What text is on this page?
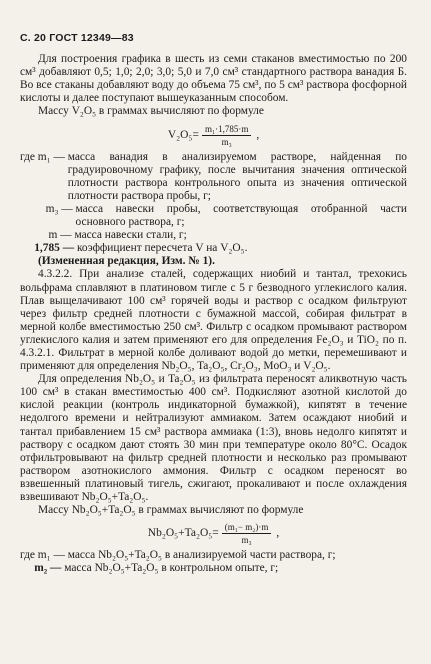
С. 20 ГОСТ 12349—83
Для построения графика в шесть из семи стаканов вместимостью по 200 см³ добавляют 0,5; 1,0; 2,0; 3,0; 5,0 и 7,0 см³ стандартного раствора ванадия Б. Во все стаканы добавляют воду до объема 75 см³, по 5 см³ раствора фосфорной кислоты и далее поступают вышеуказанным способом.
Массу V₂O₅ в граммах вычисляют по формуле
$V_2O_5= \frac{\text{m₁·1,785·m}}{\text{m₃}}$ ,
где m₁ — масса ванадия в анализируемом растворе, найденная по градуировочному графику, после вычитания значения оптической плотности раствора контрольного опыта из значения оптической плотности раствора пробы, г;
m₃ — масса навески пробы, соответствующая отобранной части основного раствора, г;
m — масса навески стали, г;
1,785 — коэффициент пересчета V на V₂O₅.
(Измененная редакция, Изм. № 1).
4.3.2.2. При анализе сталей, содержащих ниобий и тантал, трехокись вольфрама сплавляют в платиновом тигле с 5 г безводного углекислого калия. Плав выщелачивают 100 см³ горячей воды и раствор с осадком фильтруют через фильтр средней плотности с бумажной массой, собирая фильтрат в мерной колбе вместимостью 250 см³. Фильтр с осадком промывают раствором углекислого калия и затем применяют его для определения Fe₂O₃ и TiO₂ по п. 4.3.2.1. Фильтрат в мерной колбе доливают водой до метки, перемешивают и применяют для определения Nb₂O₅, Ta₂O₅, Cr₂O₃, MoO₃ и V₂O₅.
Для определения Nb₂O₅ и Ta₂O₅ из фильтрата переносят аликвотную часть 100 см³ в стакан вместимостью 400 см³. Подкисляют азотной кислотой до кислой реакции (контроль индикаторной бумажкой), кипятят в течение недолгого времени и нейтрализуют аммиаком. Затем осаждают ниобий и тантал прибавлением 15 см³ раствора аммиака (1:3), вновь недолго кипятят и раствору с осадком дают стоять 30 мин при температуре около 80°С. Осадок отфильтровывают на фильтр средней плотности и несколько раз промывают раствором азотнокислого аммония. Фильтр с осадком переносят во взвешенный платиновый тигель, сжигают, прокаливают и после охлаждения взвешивают Nb₂O₅+Ta₂O₅.
Массу Nb₂O₅+Ta₂O₅ в граммах вычисляют по формуле
$Nb_2O_5+Ta_2O_5= \frac{\text{(m₁− m₂)·m}}{\text{m₃}}$ ,
где m₁ — масса Nb₂O₅+Ta₂O₅ в анализируемой части раствора, г;
m₂ — масса Nb₂O₅+Ta₂O₅ в контрольном опыте, г;
